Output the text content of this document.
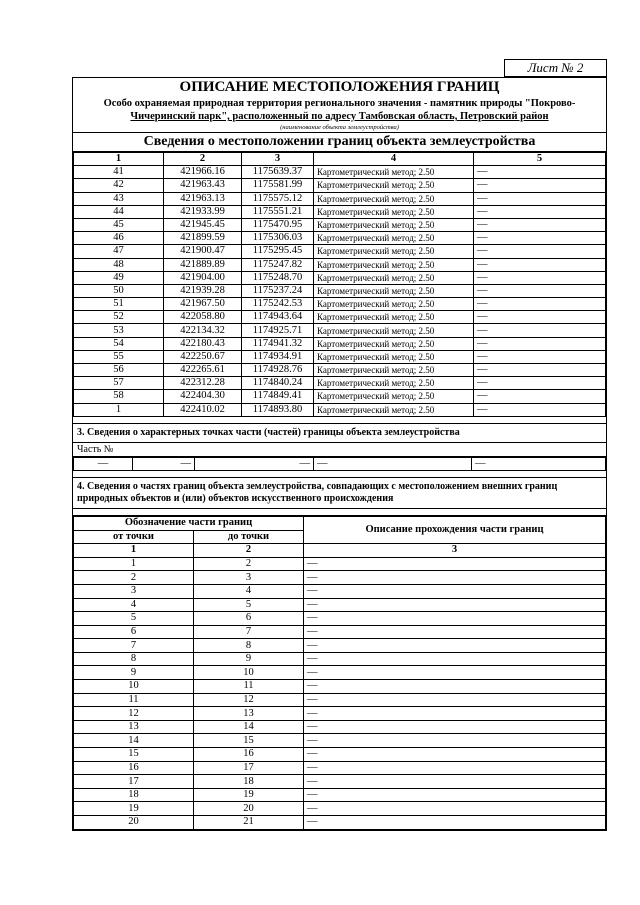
Лист № 2
ОПИСАНИЕ МЕСТОПОЛОЖЕНИЯ ГРАНИЦ
Особо охраняемая природная территория регионального значения - памятник природы "Покрово-
Чичеринский парк", расположенный по адресу Тамбовская область, Петровский район
(наименование объекта землеустройства)
Сведения о местоположении границ объекта землеустройства
1	2	3	4	5
41	421966.16	1175639.37	Картометрический метод; 2.50	—
42	421963.43	1175581.99	Картометрический метод; 2.50	—
43	421963.13	1175575.12	Картометрический метод; 2.50	—
44	421933.99	1175551.21	Картометрический метод; 2.50	—
45	421945.45	1175470.95	Картометрический метод; 2.50	—
46	421899.59	1175306.03	Картометрический метод; 2.50	—
47	421900.47	1175295.45	Картометрический метод; 2.50	—
48	421889.89	1175247.82	Картометрический метод; 2.50	—
49	421904.00	1175248.70	Картометрический метод; 2.50	—
50	421939.28	1175237.24	Картометрический метод; 2.50	—
51	421967.50	1175242.53	Картометрический метод; 2.50	—
52	422058.80	1174943.64	Картометрический метод; 2.50	—
53	422134.32	1174925.71	Картометрический метод; 2.50	—
54	422180.43	1174941.32	Картометрический метод; 2.50	—
55	422250.67	1174934.91	Картометрический метод; 2.50	—
56	422265.61	1174928.76	Картометрический метод; 2.50	—
57	422312.28	1174840.24	Картометрический метод; 2.50	—
58	422404.30	1174849.41	Картометрический метод; 2.50	—
1	422410.02	1174893.80	Картометрический метод; 2.50	—
3. Сведения о характерных точках части (частей) границы объекта землеустройства
Часть №
—	—	—	—	—
4. Сведения о частях границ объекта землеустройства, совпадающих с местоположением внешних границ природных объектов и (или) объектов искусственного происхождения
Обозначение части границ		Описание прохождения части границ
от точки	до точки	
1	2	3
1	2	—
2	3	—
3	4	—
4	5	—
5	6	—
6	7	—
7	8	—
8	9	—
9	10	—
10	11	—
11	12	—
12	13	—
13	14	—
14	15	—
15	16	—
16	17	—
17	18	—
18	19	—
19	20	—
20	21	—
